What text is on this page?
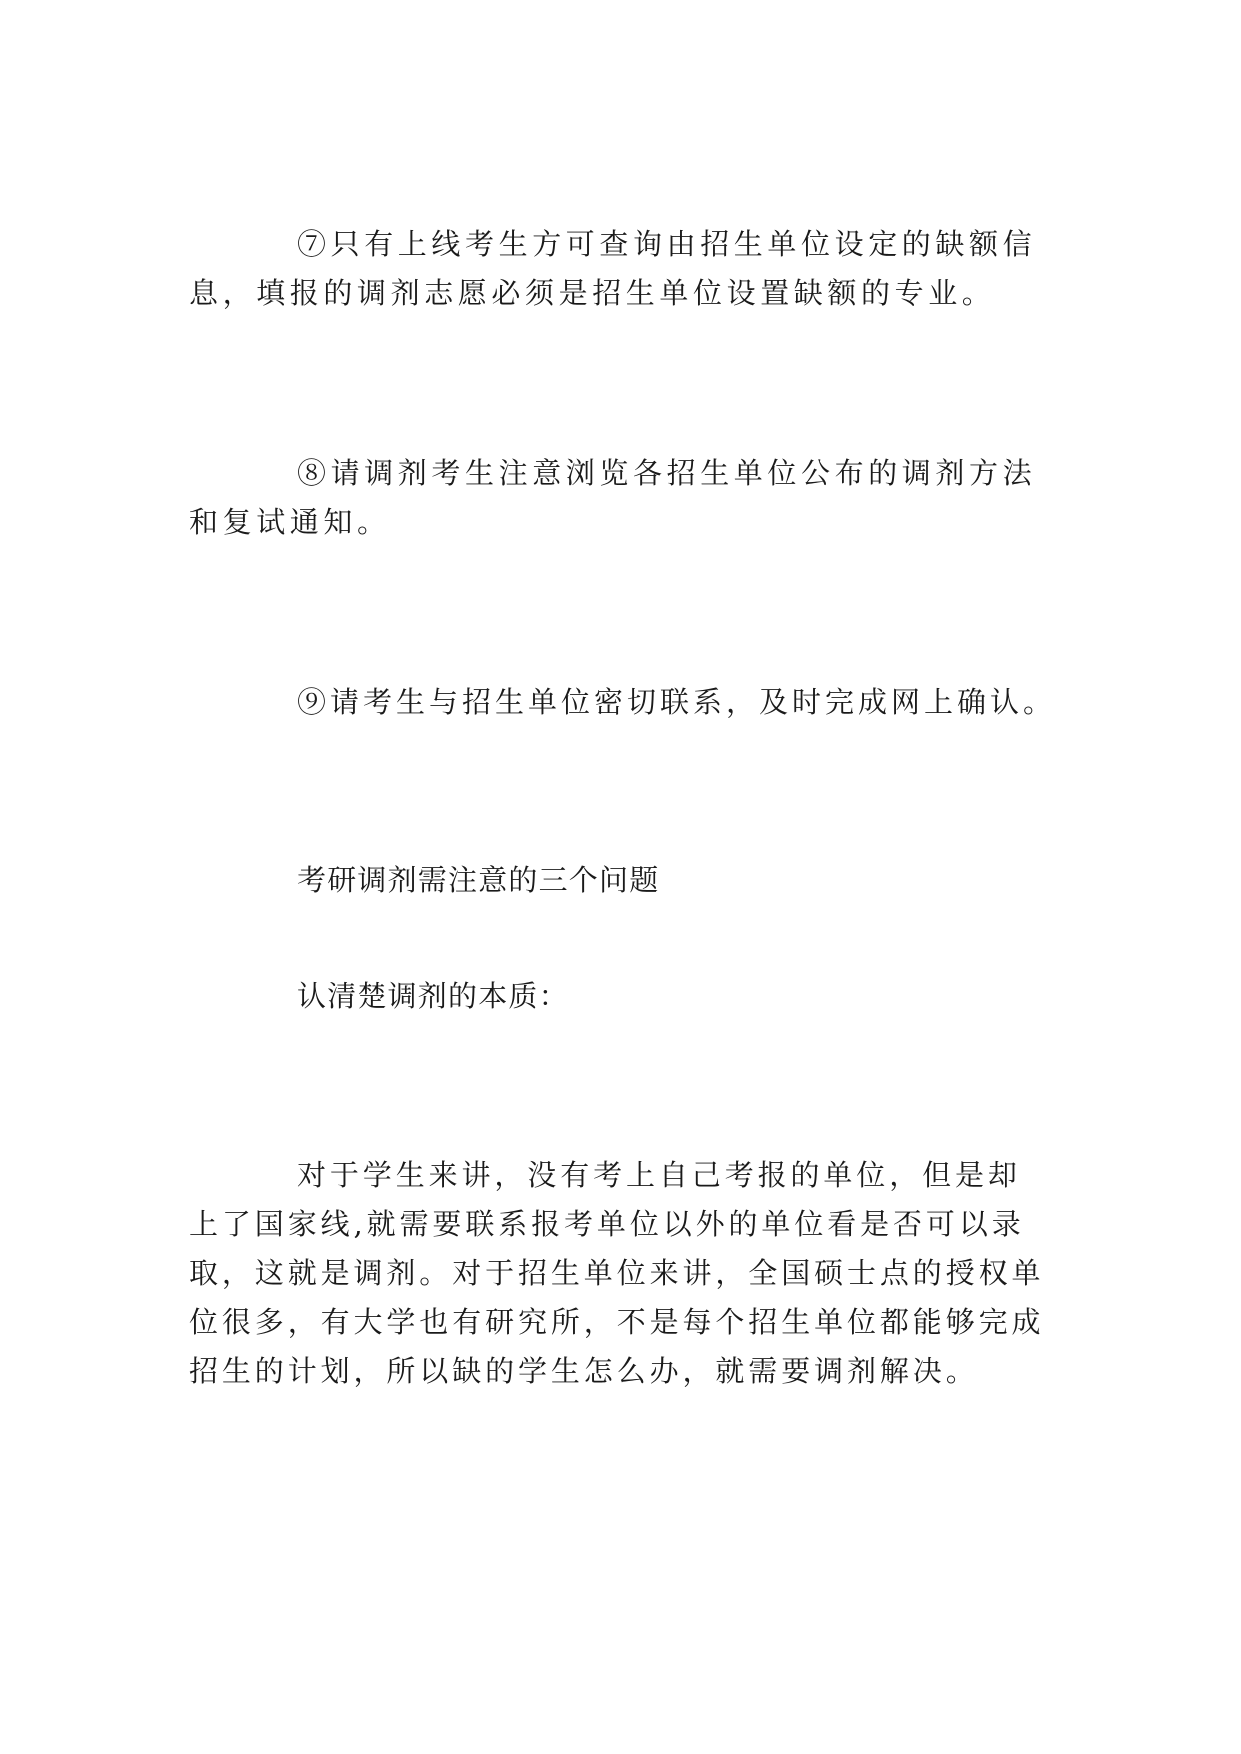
⑦只有上线考生方可查询由招生单位设定的缺额信息，填报的调剂志愿必须是招生单位设置缺额的专业。

⑧请调剂考生注意浏览各招生单位公布的调剂方法和复试通知。

⑨请考生与招生单位密切联系，及时完成网上确认。

考研调剂需注意的三个问题

认清楚调剂的本质：

对于学生来讲，没有考上自己考报的单位，但是却上了国家线,就需要联系报考单位以外的单位看是否可以录取，这就是调剂。对于招生单位来讲，全国硕士点的授权单位很多，有大学也有研究所，不是每个招生单位都能够完成招生的计划，所以缺的学生怎么办，就需要调剂解决。
